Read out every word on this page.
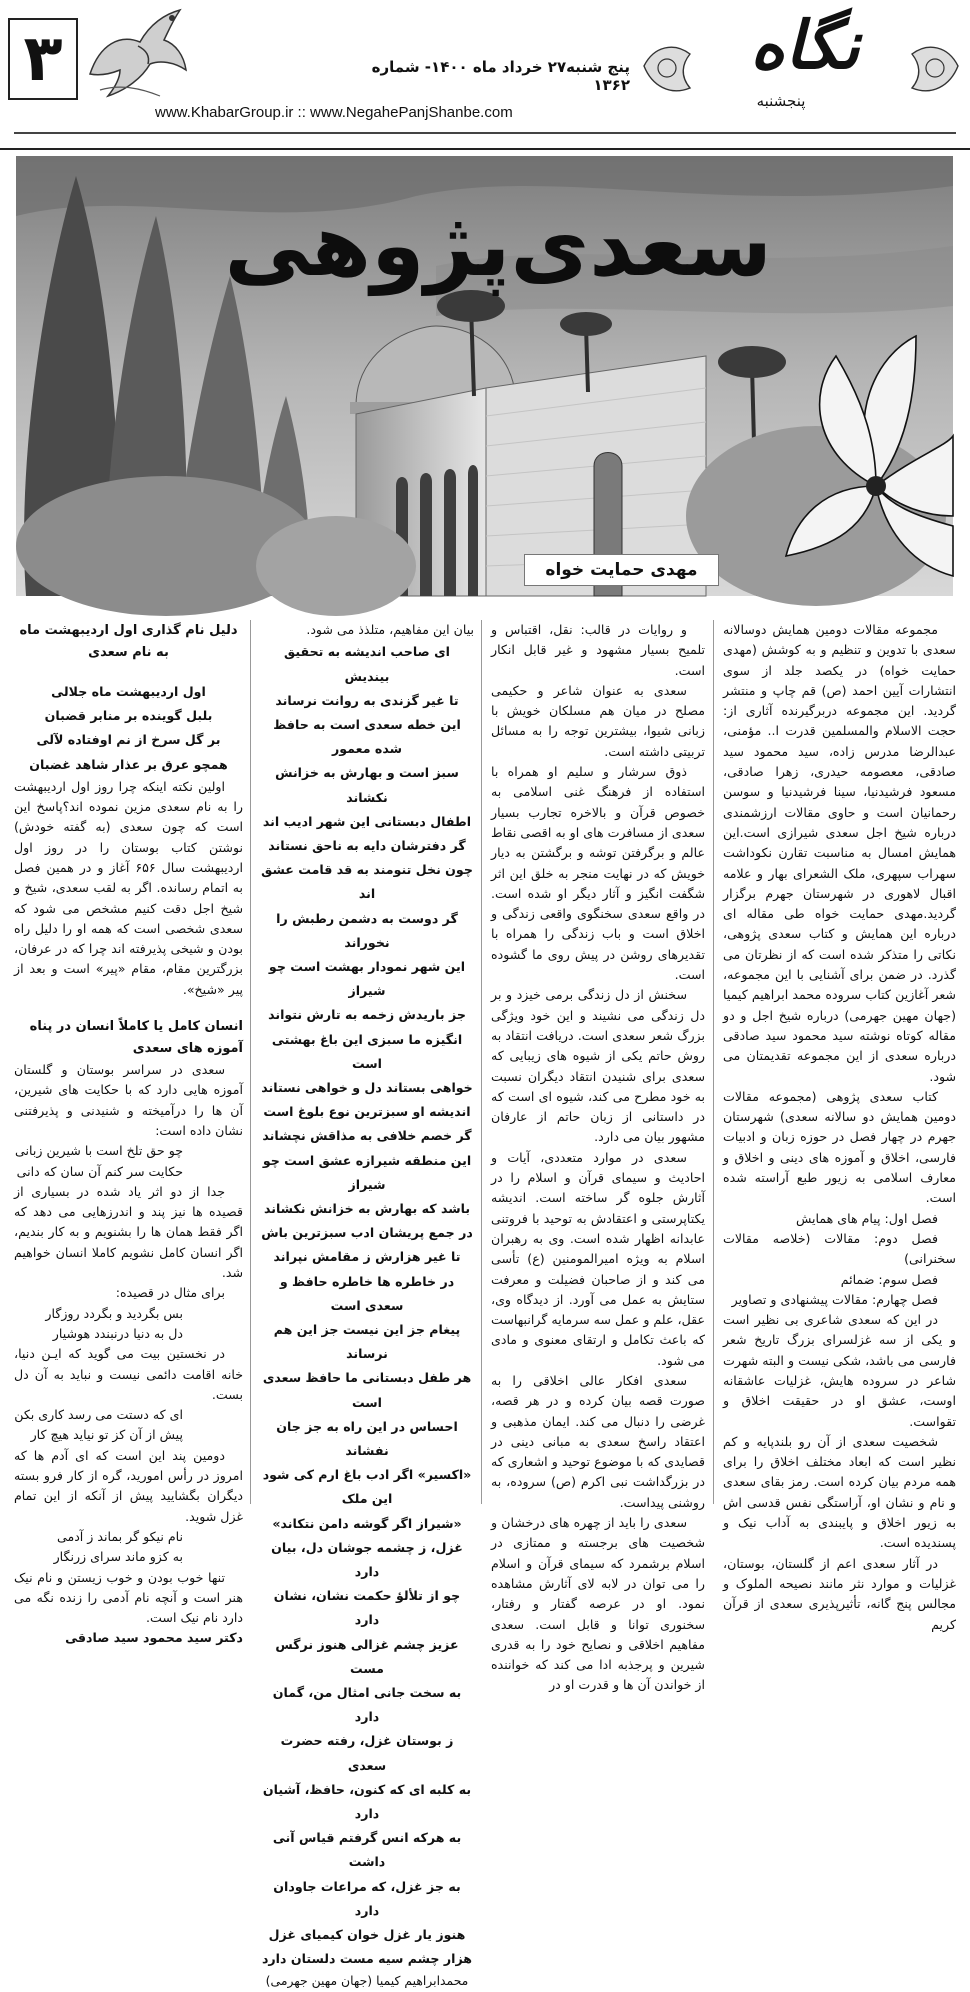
۳	پنج شنبه۲۷ خرداد ماه ۱۴۰۰- شماره ۱۳۶۲
www.KhabarGroup.ir :: www.NegahePanjShanbe.com
نگاه
پنجشنبه
سعدی‌پژوهی
مهدی حمایت خواه

مجموعه مقالات دومین همایش دوسالانه سعدی با تدوین و تنظیم و به کوشش (مهدی حمایت خواه) در یکصد جلد از سوی انتشارات آیین احمد (ص) قم چاپ و منتشر گردید. این مجموعه دربرگیرنده آثاری از: حجت الاسلام والمسلمین قدرت ا.. مؤمنی، عبدالرضا مدرس زاده، سید محمود سید صادقی، معصومه حیدری، زهرا صادقی، مسعود فرشیدنیا، سینا فرشیدنیا و سوسن رحمانیان است و حاوی مقالات ارزشمندی درباره شیخ اجل سعدی شیرازی است.این همایش امسال به مناسبت تقارن نکوداشت سهراب سپهری، ملک الشعرای بهار و علامه اقبال لاهوری در شهرستان جهرم برگزار گردید.مهدی حمایت خواه طی مقاله ای درباره این همایش و کتاب سعدی پژوهی، نکاتی را متذکر شده است که از نظرتان می گذرد. در ضمن برای آشنایی با این مجموعه، شعر آغازین کتاب سروده محمد ابراهیم کیمیا (جهان مهین جهرمی) درباره شیخ اجل و دو مقاله کوتاه نوشته سید محمود سید صادقی درباره سعدی از این مجموعه تقدیمتان می شود.

کتاب سعدی پژوهی (مجموعه مقالات دومین همایش دو سالانه سعدی) شهرستان جهرم در چهار فصل در حوزه زبان و ادبیات فارسی، اخلاق و آموزه های دینی و اخلاق و معارف اسلامی به زیور طبع آراسته شده است.

فصل اول: پیام های همایش

فصل دوم: مقالات (خلاصه مقالات سخنرانی)

فصل سوم: ضمائم

فصل چهارم: مقالات پیشنهادی و تصاویر

در این که سعدی شاعری بی نظیر است و یکی از سه غزلسرای بزرگ تاریخ شعر فارسی می باشد، شکی نیست و البته شهرت شاعر در سروده هایش، غزلیات عاشقانه اوست، عشق او در حقیقت اخلاق و تقواست.

شخصیت سعدی از آن رو بلندپایه و کم نظیر است که ابعاد مختلف اخلاق را برای همه مردم بیان کرده است. رمز بقای سعدی و نام و نشان او، آراستگی نفس قدسی اش به زیور اخلاق و پایبندی به آداب نیک و پسندیده است.

در آثار سعدی اعم از گلستان، بوستان، غزلیات و موارد نثر مانند نصیحه الملوک و مجالس پنج گانه، تأثیرپذیری سعدی از قرآن کریم

و روایات در قالب: نقل، اقتباس و تلمیح بسیار مشهود و غیر قابل انکار است.

سعدی به عنوان شاعر و حکیمی مصلح در میان هم مسلکان خویش با زبانی شیوا، بیشترین توجه را به مسائل تربیتی داشته است.

ذوق سرشار و سلیم او همراه با استفاده از فرهنگ غنی اسلامی به خصوص قرآن و بالاخره تجارب بسیار سعدی از مسافرت های او به اقصی نقاط عالم و برگرفتن توشه و برگشتن به دیار خویش که در نهایت منجر به خلق این اثر شگفت انگیز و آثار دیگر او شده است. در واقع سعدی سخنگوی واقعی زندگی و اخلاق است و باب زندگی را همراه با تقدیرهای روشن در پیش روی ما گشوده است.

سخنش از دل زندگی برمی خیزد و بر دل زندگی می نشیند و این خود ویژگی بزرگ شعر سعدی است. دریافت انتقاد به روش حاتم یکی از شیوه های زیبایی که سعدی برای شنیدن انتقاد دیگران نسبت به خود مطرح می کند، شیوه ای است که در داستانی از زبان حاتم از عارفان مشهور بیان می دارد.

سعدی در موارد متعددی، آیات و احادیث و سیمای قرآن و اسلام را در آثارش جلوه گر ساخته است. اندیشه یکتاپرستی و اعتقادش به توحید با فروتنی عابدانه اظهار شده است. وی به رهبران اسلام به ویژه امیرالمومنین (ع) تأسی می کند و از صاحبان فضیلت و معرفت ستایش به عمل می آورد. از دیدگاه وی، عقل، علم و عمل سه سرمایه گرانبهاست که باعث تکامل و ارتقای معنوی و مادی می شود.

سعدی افکار عالی اخلاقی را به صورت قصه بیان کرده و در هر قصه، غرضی را دنبال می کند. ایمان مذهبی و اعتقاد راسخ سعدی به مبانی دینی در قصایدی که با موضوع توحید و اشعاری که در بزرگداشت نبی اکرم (ص) سروده، به روشنی پیداست.

سعدی را باید از چهره های درخشان و شخصیت های برجسته و ممتازی در اسلام برشمرد که سیمای قرآن و اسلام را می توان در لابه لای آثارش مشاهده نمود. او در عرصه گفتار و رفتار، سخنوری توانا و قابل است. سعدی مفاهیم اخلاقی و نصایح خود را به قدری شیرین و پرجذبه ادا می کند که خواننده از خواندن آن ها و قدرت او در

بیان این مفاهیم، متلذذ می شود.

ای صاحب اندیشه به تحقیق بیندیش

تا غیر گزندی به روانت نرساند

این خطه سعدی است به حافظ شده معمور

سبز است و بهارش به خزانش نکشاند

اطفال دبستانی این شهر ادیب اند

گر دفترشان دایه به ناحق نستاند

چون نخل تنومند به قد قامت عشق اند

گر دوست به دشمن رطبش را نخوراند

این شهر نمودار بهشت است چو شیراز

جز باریدش زخمه به تارش نتواند

انگیزه ما سبزی این باغ بهشتی است

خواهی بستاند دل و خواهی نستاند

اندیشه او سبزترین نوع بلوغ است

گر خصم خلافی به مذاقش نچشاند

این منطقه شیرازه عشق است چو شیراز

باشد که بهارش به خزانش نکشاند

در جمع پریشان ادب سبزترین باش

تا غیر هزارش ز مقامش نپراند

در خاطره ها خاطره حافظ و سعدی است

پیغام جز این نیست جز این هم نرساند

هر طفل دبستانی ما حافظ سعدی است

احساس در این راه به جز جان نفشاند

«اکسیر» اگر ادب باغ ارم کی شود این ملک

«شیراز اگر گوشه دامن نتکاند»

غزل، ز چشمه جوشان دل، بیان دارد

چو از تلألؤ حکمت نشان، نشان دارد

عزیز چشم غزالی هنوز نرگس مست

به سخت جانی امثال من، گمان دارد

ز بوستان غزل، رفته حضرت سعدی

به کلبه ای که کنون، حافظ، آشیان دارد

به هرکه انس گرفتم قیاس آنی داشت

به جز غزل، که مراعات جاودان دارد

هنوز یار غزل خوان کیمیای غزل

هزار چشم سیه مست دلستان دارد

محمدابراهیم کیمیا (جهان مهین جهرمی)

دلیل نام گذاری اول اردیبهشت ماه

به نام سعدی

اول اردیبهشت ماه جلالی

بلبل گوینده بر منابر قضبان

بر گل سرخ از نم اوفتاده لآلی

همچو عرق بر عذار شاهد غضبان

اولین نکته اینکه چرا روز اول اردیبهشت را به نام سعدی مزین نموده اند؟پاسخ این است که چون سعدی (به گفته خودش) نوشتن کتاب بوستان را در روز اول اردیبهشت سال ۶۵۶ آغاز و در همین فصل به اتمام رسانده. اگر به لقب سعدی، شیخ و شیخ اجل دقت کنیم مشخص می شود که سعدی شخصی است که همه او را دلیل راه بودن و شیخی پذیرفته اند چرا که در عرفان، بزرگترین مقام، مقام «پیر» است و بعد از پیر «شیخ».

انسان کامل یا کاملاً انسان در پناه

آموزه های سعدی

سعدی در سراسر بوستان و گلستان آموزه هایی دارد که با حکایت های شیرین، آن ها را درآمیخته و شنیدنی و پذیرفتنی نشان داده است:

چو حق تلخ است با شیرین زبانی

حکایت سر کنم آن سان که دانی

جدا از دو اثر یاد شده در بسیاری از قصیده ها نیز پند و اندرزهایی می دهد که اگر فقط همان ها را بشنویم و به کار بندیم، اگر انسان کامل نشویم کاملا انسان خواهیم شد.

برای مثال در قصیده:

بس بگردید و بگردد روزگار

دل به دنیا درنبندد هوشیار

در نخستین بیت می گوید که ایـن دنیا، خانه اقامت دائمی نیست و نباید به آن دل بست.

ای که دستت می رسد کاری بکن

پیش از آن کز تو نیاید هیچ کار

دومین پند این است که ای آدم ها که امروز در رأس امورید، گره از کار فرو بسته دیگران بگشایید پیش از آنکه از این تمام غزل شوید.

نام نیکو گر بماند ز آدمی

به کزو ماند سرای زرنگار

تنها خوب بودن و خوب زیستن و نام نیک هنر است و آنچه نام آدمی را زنده نگه می دارد نام نیک است.

دکتر سید محمود سید صادقی
